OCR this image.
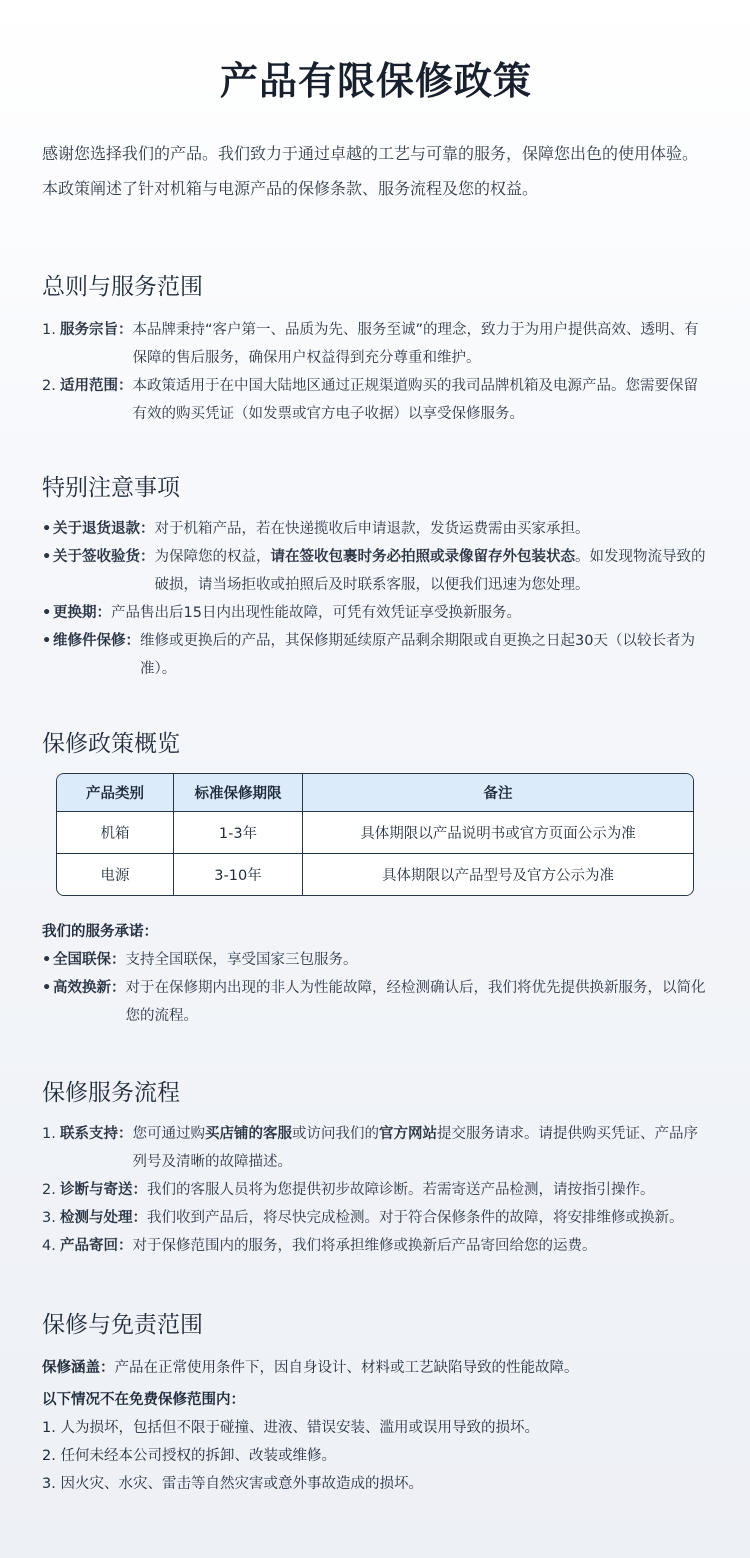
产品有限保修政策
感谢您选择我们的产品。我们致力于通过卓越的工艺与可靠的服务，保障您出色的使用体验。本政策阐述了针对机箱与电源产品的保修条款、服务流程及您的权益。
总则与服务范围
1. 服务宗旨： 本品牌秉持“客户第一、品质为先、服务至诚”的理念，致力于为用户提供高效、透明、有保障的售后服务，确保用户权益得到充分尊重和维护。
2. 适用范围： 本政策适用于在中国大陆地区通过正规渠道购买的我司品牌机箱及电源产品。您需要保留有效的购买凭证（如发票或官方电子收据）以享受保修服务。
特别注意事项
• 关于退货退款： 对于机箱产品，若在快递揽收后申请退款，发货运费需由买家承担。
• 关于签收验货： 为保障您的权益，请在签收包裹时务必拍照或录像留存外包装状态。如发现物流导致的破损，请当场拒收或拍照后及时联系客服，以便我们迅速为您处理。
• 更换期： 产品售出后15日内出现性能故障，可凭有效凭证享受换新服务。
• 维修件保修： 维修或更换后的产品，其保修期延续原产品剩余期限或自更换之日起30天（以较长者为准）。
保修政策概览
产品类别	标准保修期限	备注
机箱	1-3年	具体期限以产品说明书或官方页面公示为准
电源	3-10年	具体期限以产品型号及官方公示为准
我们的服务承诺：
• 全国联保： 支持全国联保，享受国家三包服务。
• 高效换新： 对于在保修期内出现的非人为性能故障，经检测确认后，我们将优先提供换新服务，以简化您的流程。
保修服务流程
1. 联系支持： 您可通过购买店铺的客服或访问我们的官方网站提交服务请求。请提供购买凭证、产品序列号及清晰的故障描述。
2. 诊断与寄送： 我们的客服人员将为您提供初步故障诊断。若需寄送产品检测，请按指引操作。
3. 检测与处理： 我们收到产品后，将尽快完成检测。对于符合保修条件的故障，将安排维修或换新。
4. 产品寄回： 对于保修范围内的服务，我们将承担维修或换新后产品寄回给您的运费。
保修与免责范围
保修涵盖：产品在正常使用条件下，因自身设计、材料或工艺缺陷导致的性能故障。
以下情况不在免费保修范围内：
1. 人为损坏，包括但不限于碰撞、进液、错误安装、滥用或误用导致的损坏。
2. 任何未经本公司授权的拆卸、改装或维修。
3. 因火灾、水灾、雷击等自然灾害或意外事故造成的损坏。
